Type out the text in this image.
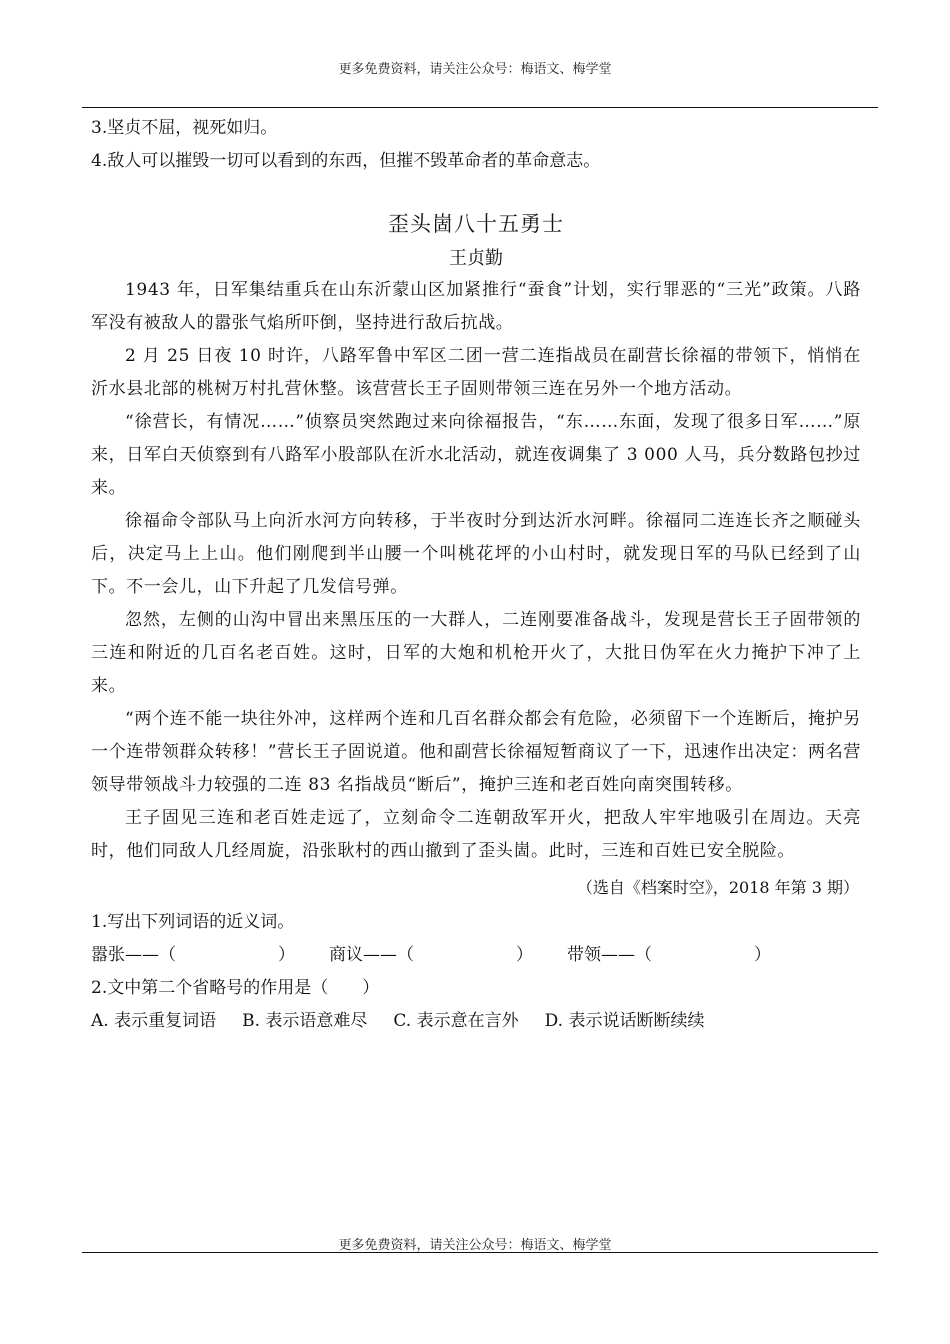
更多免费资料，请关注公众号：梅语文、梅学堂
3.坚贞不屈，视死如归。
4.敌人可以摧毁一切可以看到的东西，但摧不毁革命者的革命意志。
歪头崮八十五勇士
王贞勤
1943 年，日军集结重兵在山东沂蒙山区加紧推行“蚕食”计划，实行罪恶的“三光”政策。八路军没有被敌人的嚣张气焰所吓倒，坚持进行敌后抗战。
2 月 25 日夜 10 时许，八路军鲁中军区二团一营二连指战员在副营长徐福的带领下，悄悄在沂水县北部的桃树万村扎营休整。该营营长王子固则带领三连在另外一个地方活动。
“徐营长，有情况……”侦察员突然跑过来向徐福报告，“东……东面，发现了很多日军……”原来，日军白天侦察到有八路军小股部队在沂水北活动，就连夜调集了 3 000 人马，兵分数路包抄过来。
徐福命令部队马上向沂水河方向转移，于半夜时分到达沂水河畔。徐福同二连连长齐之顺碰头后，决定马上上山。他们刚爬到半山腰一个叫桃花坪的小山村时，就发现日军的马队已经到了山下。不一会儿，山下升起了几发信号弹。
忽然，左侧的山沟中冒出来黑压压的一大群人，二连刚要准备战斗，发现是营长王子固带领的三连和附近的几百名老百姓。这时，日军的大炮和机枪开火了，大批日伪军在火力掩护下冲了上来。
“两个连不能一块往外冲，这样两个连和几百名群众都会有危险，必须留下一个连断后，掩护另一个连带领群众转移！”营长王子固说道。他和副营长徐福短暂商议了一下，迅速作出决定：两名营领导带领战斗力较强的二连 83 名指战员“断后”，掩护三连和老百姓向南突围转移。
王子固见三连和老百姓走远了，立刻命令二连朝敌军开火，把敌人牢牢地吸引在周边。天亮时，他们同敌人几经周旋，沿张耿村的西山撤到了歪头崮。此时，三连和百姓已安全脱险。
（选自《档案时空》，2018 年第 3 期）
1.写出下列词语的近义词。
嚣张——（　　　　　　） 商议——（　　　　　　） 带领——（　　　　　　）
2.文中第二个省略号的作用是（　　）
A. 表示重复词语 B. 表示语意难尽 C. 表示意在言外 D. 表示说话断断续续
更多免费资料，请关注公众号：梅语文、梅学堂
